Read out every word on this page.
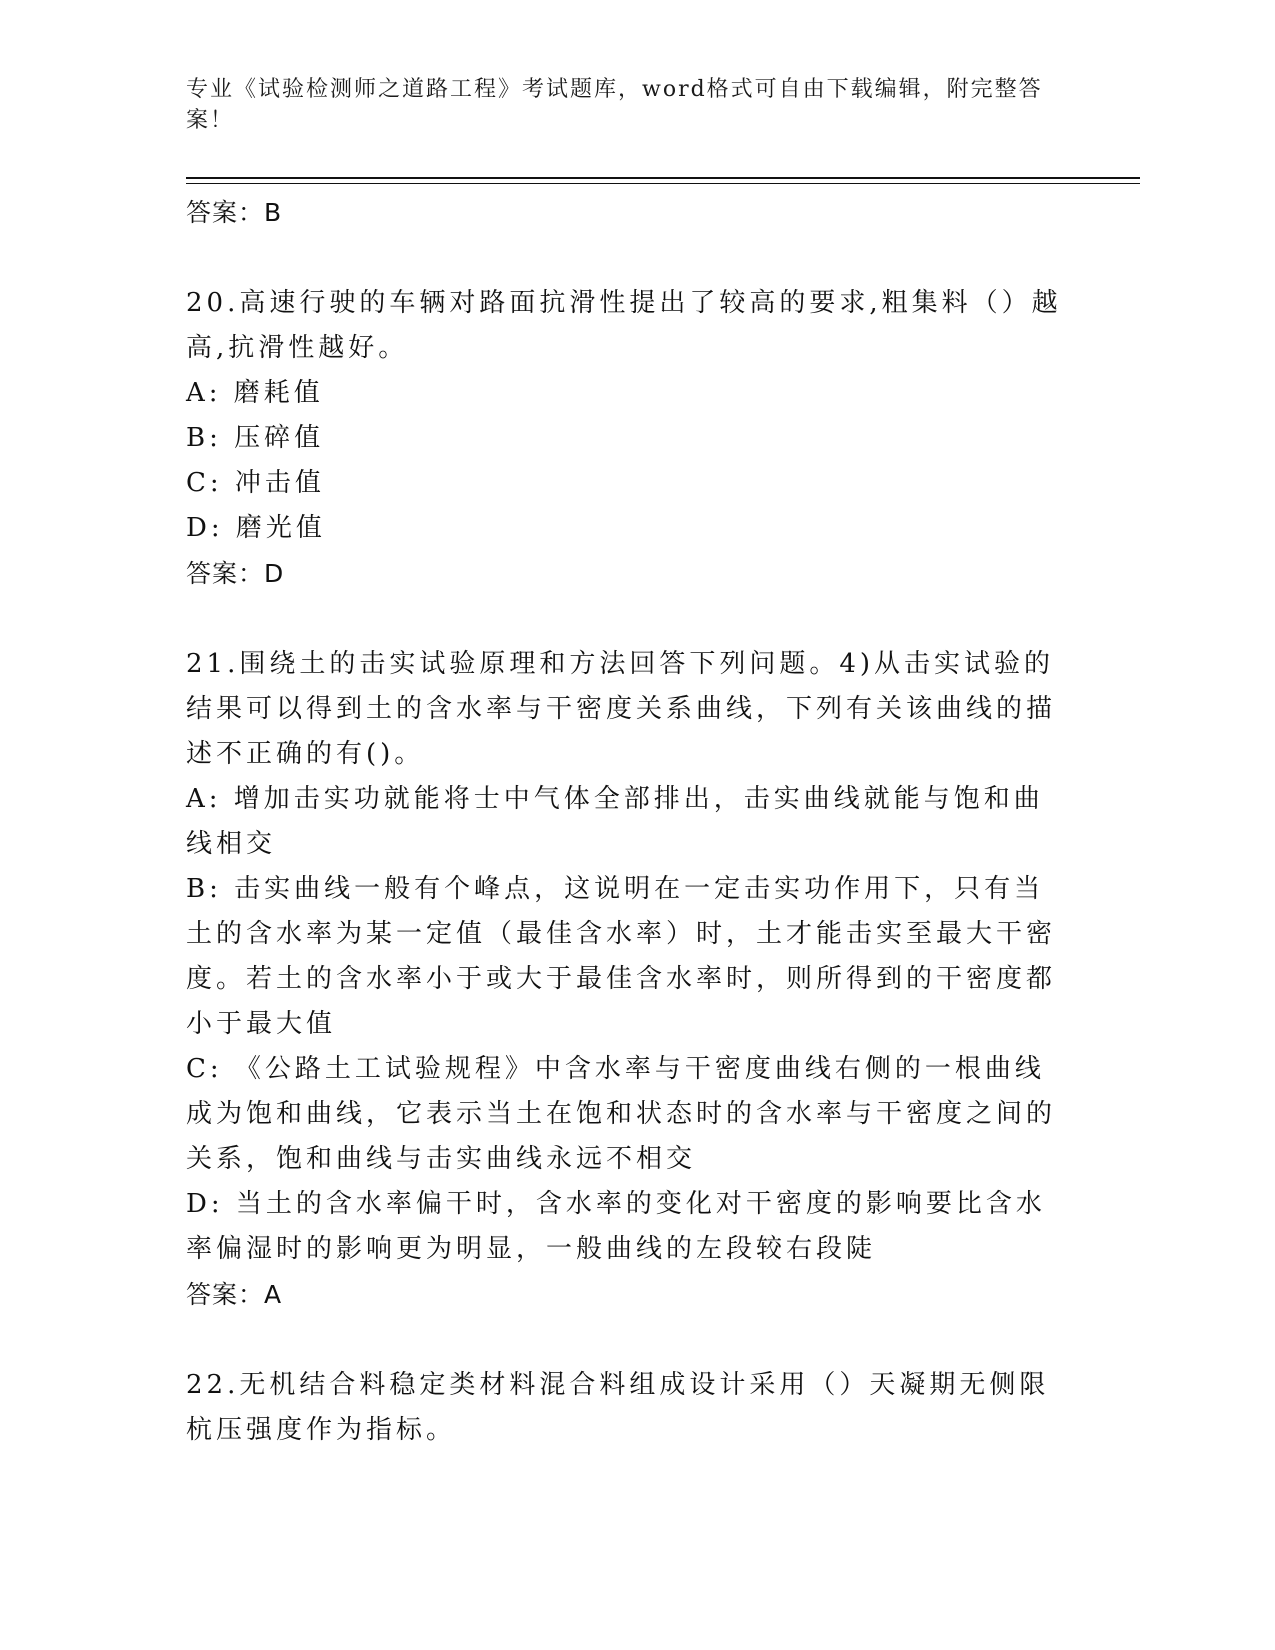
专业《试验检测师之道路工程》考试题库，word格式可自由下载编辑，附完整答案！

答案：B

20.高速行驶的车辆对路面抗滑性提出了较高的要求,粗集料（）越高,抗滑性越好。

A: 磨耗值

B: 压碎值

C: 冲击值

D: 磨光值

答案：D

21.围绕土的击实试验原理和方法回答下列问题。4)从击实试验的结果可以得到土的含水率与干密度关系曲线，下列有关该曲线的描述不正确的有()。

A: 增加击实功就能将士中气体全部排出，击实曲线就能与饱和曲线相交

B: 击实曲线一般有个峰点，这说明在一定击实功作用下，只有当土的含水率为某一定值（最佳含水率）时，土才能击实至最大干密度。若土的含水率小于或大于最佳含水率时，则所得到的干密度都小于最大值

C: 《公路土工试验规程》中含水率与干密度曲线右侧的一根曲线成为饱和曲线，它表示当土在饱和状态时的含水率与干密度之间的关系，饱和曲线与击实曲线永远不相交

D: 当土的含水率偏干时，含水率的变化对干密度的影响要比含水率偏湿时的影响更为明显，一般曲线的左段较右段陡

答案：A

22.无机结合料稳定类材料混合料组成设计采用（）天凝期无侧限杭压强度作为指标。
